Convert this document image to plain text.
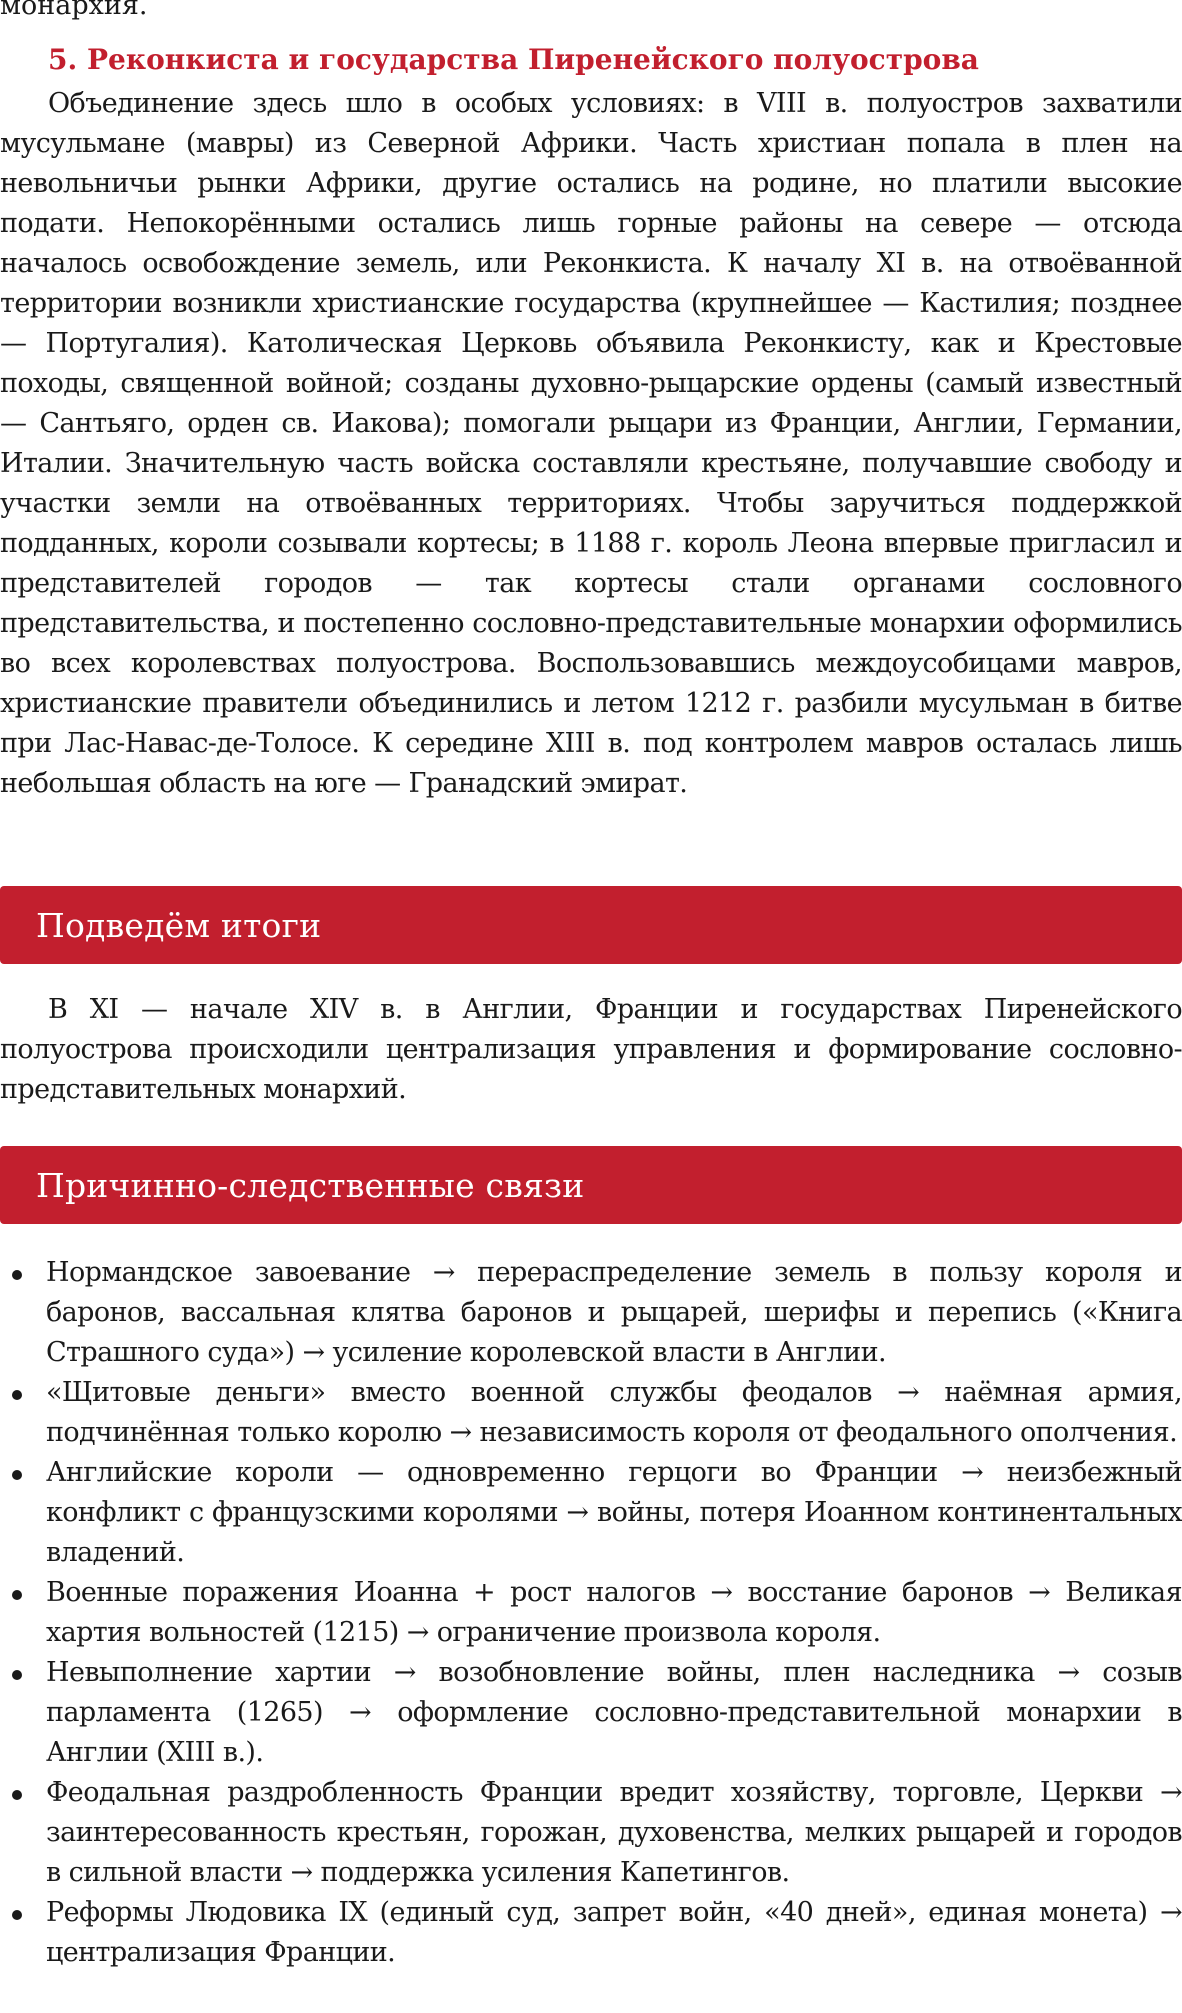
монархия.

5. Реконкиста и государства Пиренейского полуострова

Объединение здесь шло в особых условиях: в VIII в. полуостров захватили мусульмане (мавры) из Северной Африки. Часть христиан попала в плен на невольничьи рынки Африки, другие остались на родине, но платили высокие подати. Непокорёнными остались лишь горные районы на севере — отсюда началось освобождение земель, или Реконкиста. К началу XI в. на отвоёванной территории возникли христианские государства (крупнейшее — Кастилия; позднее — Португалия). Католическая Церковь объявила Реконкисту, как и Крестовые походы, священной войной; созданы духовно-рыцарские ордены (самый известный — Сантьяго, орден св. Иакова); помогали рыцари из Франции, Англии, Германии, Италии. Значительную часть войска составляли крестьяне, получавшие свободу и участки земли на отвоёванных территориях. Чтобы заручиться поддержкой подданных, короли созывали кортесы; в 1188 г. король Леона впервые пригласил и представителей городов — так кортесы стали органами сословного представительства, и постепенно сословно-представительные монархии оформились во всех королевствах полуострова. Воспользовавшись междоусобицами мавров, христианские правители объединились и летом 1212 г. разбили мусульман в битве при Лас-Навас-де-Толосе. К середине XIII в. под контролем мавров осталась лишь небольшая область на юге — Гранадский эмират.

Подведём итоги

В XI — начале XIV в. в Англии, Франции и государствах Пиренейского полуострова происходили централизация управления и формирование сословно-представительных монархий.

Причинно-следственные связи
Нормандское завоевание → перераспределение земель в пользу короля и баронов, вассальная клятва баронов и рыцарей, шерифы и перепись («Книга Страшного суда») → усиление королевской власти в Англии.
«Щитовые деньги» вместо военной службы феодалов → наёмная армия, подчинённая только королю → независимость короля от феодального ополчения.
Английские короли — одновременно герцоги во Франции → неизбежный конфликт с французскими королями → войны, потеря Иоанном континентальных владений.
Военные поражения Иоанна + рост налогов → восстание баронов → Великая хартия вольностей (1215) → ограничение произвола короля.
Невыполнение хартии → возобновление войны, плен наследника → созыв парламента (1265) → оформление сословно-представительной монархии в Англии (XIII в.).
Феодальная раздробленность Франции вредит хозяйству, торговле, Церкви → заинтересованность крестьян, горожан, духовенства, мелких рыцарей и городов в сильной власти → поддержка усиления Капетингов.
Реформы Людовика IX (единый суд, запрет войн, «40 дней», единая монета) → централизация Франции.
